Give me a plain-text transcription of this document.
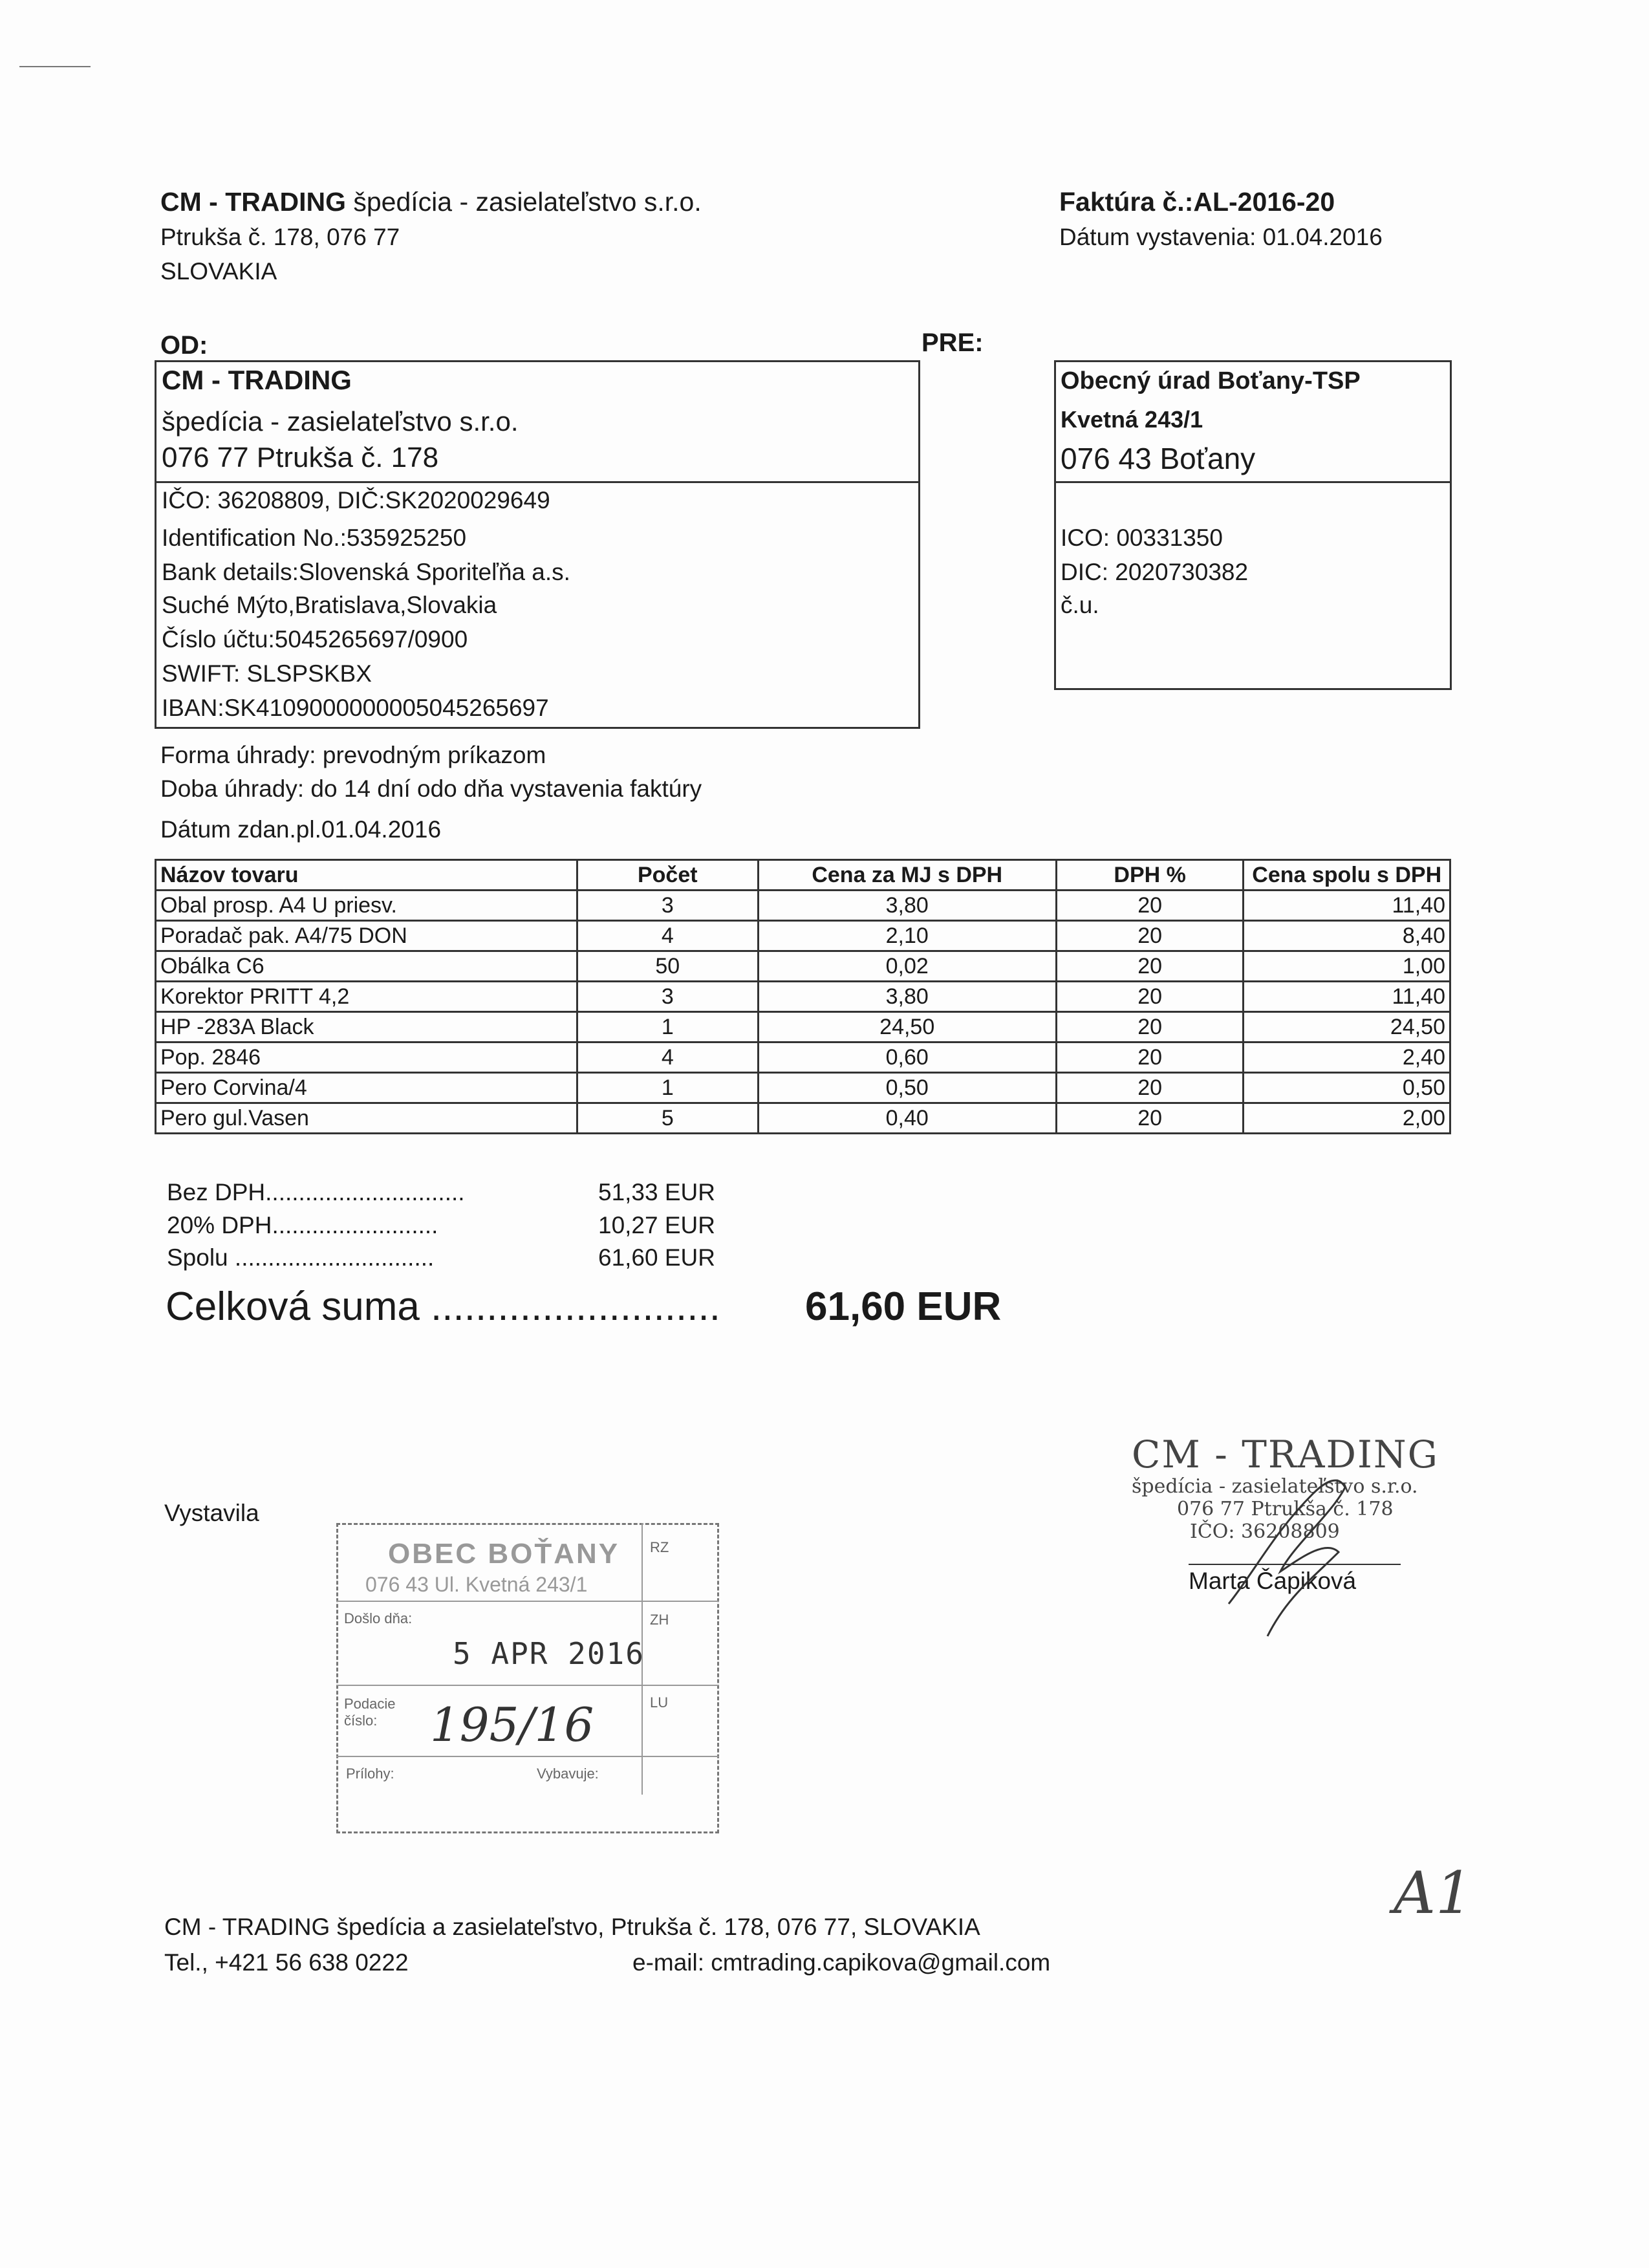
CM - TRADING špedícia - zasielateľstvo s.r.o.
Ptrukša č. 178, 076 77
SLOVAKIA
Faktúra č.:AL-2016-20
Dátum vystavenia: 01.04.2016
OD:	PRE:
CM - TRADING
špedícia - zasielateľstvo s.r.o.
076 77 Ptrukša č. 178
IČO: 36208809, DIČ:SK2020029649
Identification No.:535925250
Bank details:Slovenská Sporiteľňa a.s.
Suché Mýto,Bratislava,Slovakia
Číslo účtu:5045265697/0900
SWIFT: SLSPSKBX
IBAN:SK4109000000005045265697
Obecný úrad Boťany-TSP
Kvetná 243/1
076 43 Boťany
ICO: 00331350
DIC: 2020730382
č.u.
Forma úhrady: prevodným príkazom
Doba úhrady: do 14 dní odo dňa vystavenia faktúry
Dátum zdan.pl.01.04.2016
Názov tovaru	Počet	Cena za MJ s DPH	DPH %	Cena spolu s DPH
Obal prosp. A4 U priesv.	3	3,80	20	11,40
Poradač pak. A4/75 DON	4	2,10	20	8,40
Obálka C6	50	0,02	20	1,00
Korektor PRITT 4,2	3	3,80	20	11,40
HP -283A Black	1	24,50	20	24,50
Pop. 2846	4	0,60	20	2,40
Pero Corvina/4	1	0,50	20	0,50
Pero gul.Vasen	5	0,40	20	2,00
Bez DPH..............................	51,33 EUR
20% DPH.........................	10,27 EUR
Spolu ..............................	61,60 EUR
Celková suma .......................... 61,60 EUR
Vystavila
CM - TRADING
špedícia - zasielateľstvo s.r.o.
076 77 Ptrukša č. 178
IČO: 36208809
Marta Čapiková
OBEC BOŤANY
076 43 Ul. Kvetná 243/1
Došlo dňa:
5 APR 2016
Podacie číslo: 195/16
Prílohy:	Vybavuje:
RZ
ZH
LU
CM - TRADING špedícia a zasielateľstvo, Ptrukša č. 178, 076 77, SLOVAKIA
Tel., +421 56 638 0222	e-mail: cmtrading.capikova@gmail.com
A1
